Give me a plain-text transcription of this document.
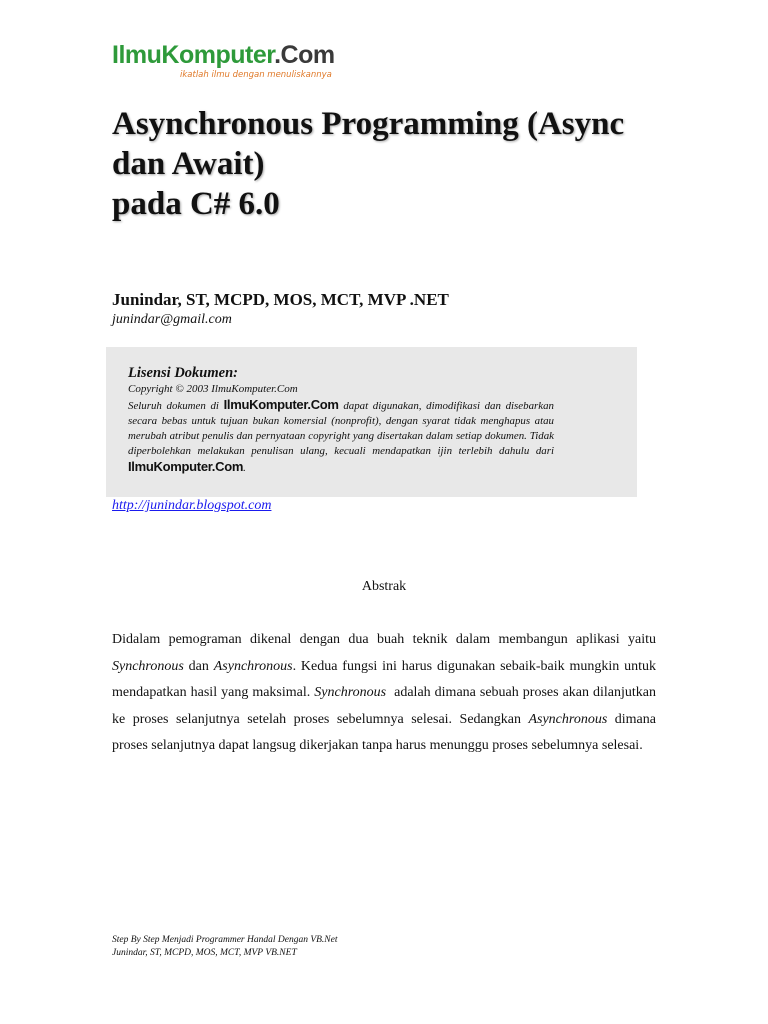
IlmuKomputer.Com
ikatlah ilmu dengan menuliskannya
Asynchronous Programming (Async
dan Await)
pada C# 6.0
Junindar, ST, MCPD, MOS, MCT, MVP .NET
junindar@gmail.com
Lisensi Dokumen:
Copyright © 2003 IlmuKomputer.Com
Seluruh dokumen di IlmuKomputer.Com dapat digunakan, dimodifikasi dan disebarkan secara bebas untuk tujuan bukan komersial (nonprofit), dengan syarat tidak menghapus atau merubah atribut penulis dan pernyataan copyright yang disertakan dalam setiap dokumen. Tidak diperbolehkan melakukan penulisan ulang, kecuali mendapatkan ijin terlebih dahulu dari IlmuKomputer.Com.
http://junindar.blogspot.com
Abstrak

Didalam pemograman dikenal dengan dua buah teknik dalam membangun aplikasi yaitu Synchronous dan Asynchronous. Kedua fungsi ini harus digunakan sebaik-baik mungkin untuk mendapatkan hasil yang maksimal. Synchronous adalah dimana sebuah proses akan dilanjutkan ke proses selanjutnya setelah proses sebelumnya selesai. Sedangkan Asynchronous dimana proses selanjutnya dapat langsug dikerjakan tanpa harus menunggu proses sebelumnya selesai.

Step By Step Menjadi Programmer Handal Dengan VB.Net
Junindar, ST, MCPD, MOS, MCT, MVP VB.NET
